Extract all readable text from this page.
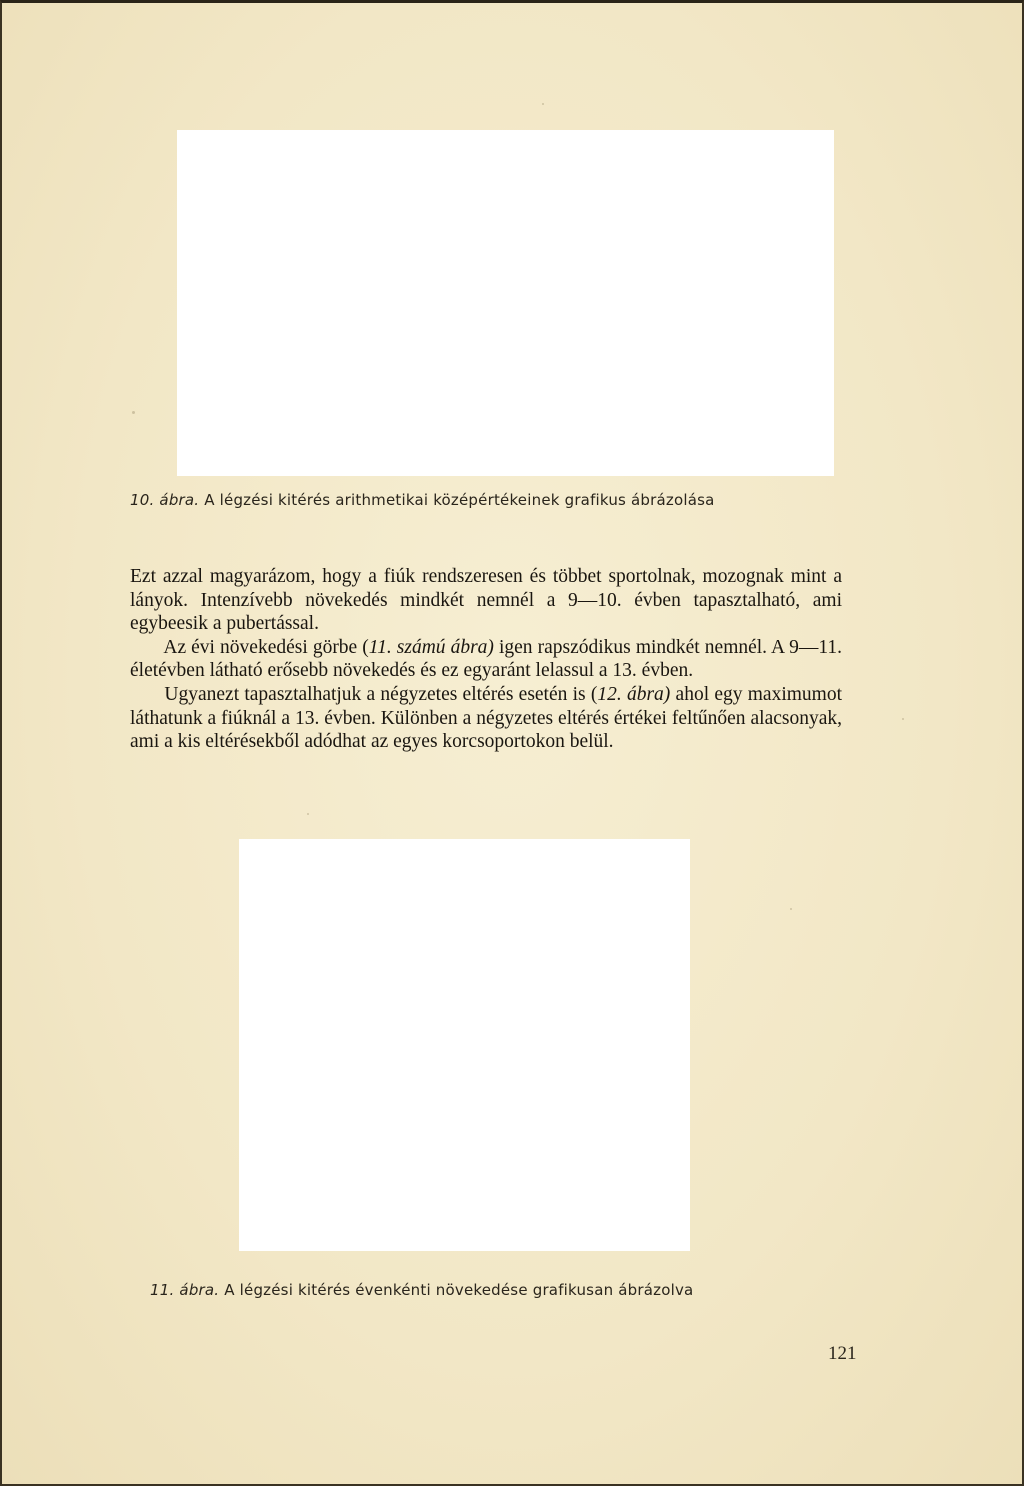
10. ábra. A légzési kitérés arithmetikai középértékeinek grafikus ábrázolása

Ezt azzal magyarázom, hogy a fiúk rendszeresen és többet sportolnak, mozognak mint a lányok. Intenzívebb növekedés mindkét nemnél a 9—10. évben tapasztalható, ami egybeesik a pubertással.

Az évi növekedési görbe (11. számú ábra) igen rapszódikus mindkét nemnél. A 9—11. életévben látható erősebb növekedés és ez egyaránt lelassul a 13. évben.

Ugyanezt tapasztalhatjuk a négyzetes eltérés esetén is (12. ábra) ahol egy maximumot láthatunk a fiúknál a 13. évben. Különben a négyzetes eltérés értékei feltűnően alacsonyak, ami a kis eltérésekből adódhat az egyes korcsoportokon belül.

11. ábra. A légzési kitérés évenkénti növekedése grafikusan ábrázolva
121
